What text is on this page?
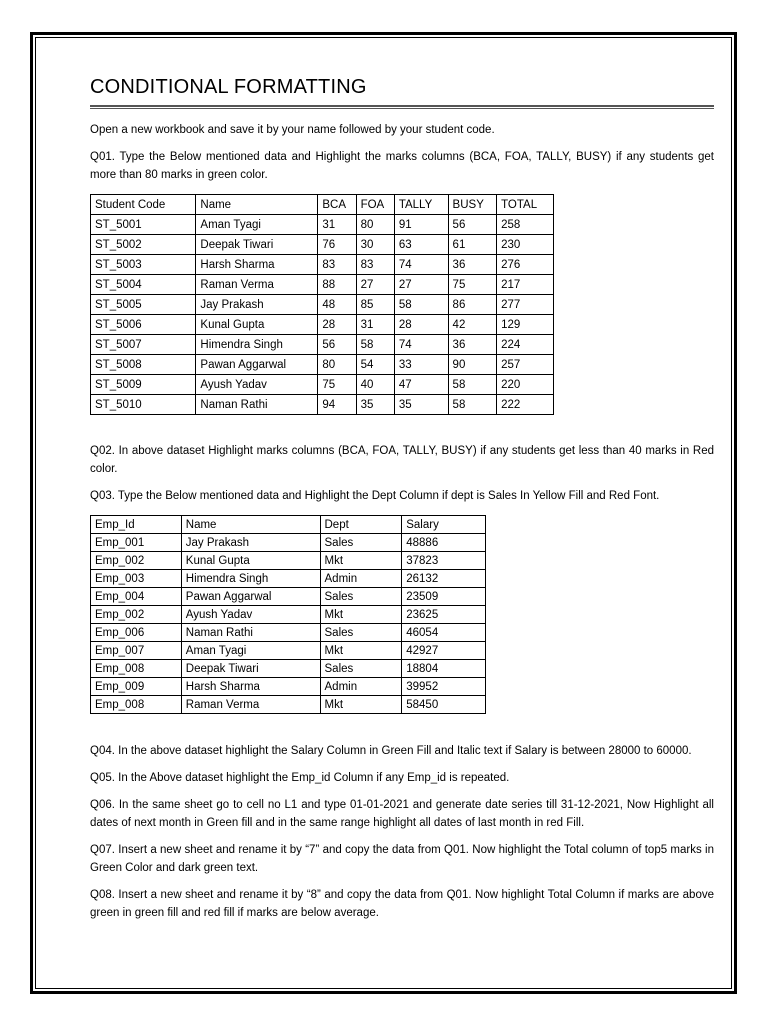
CONDITIONAL FORMATTING

Open a new workbook and save it by your name followed by your student code.

Q01. Type the Below mentioned data and Highlight the marks columns (BCA, FOA, TALLY, BUSY) if any students get more than 80 marks in green color.

Student Code	Name	BCA	FOA	TALLY	BUSY	TOTAL
ST_5001	Aman Tyagi	31	80	91	56	258
ST_5002	Deepak Tiwari	76	30	63	61	230
ST_5003	Harsh Sharma	83	83	74	36	276
ST_5004	Raman Verma	88	27	27	75	217
ST_5005	Jay Prakash	48	85	58	86	277
ST_5006	Kunal Gupta	28	31	28	42	129
ST_5007	Himendra Singh	56	58	74	36	224
ST_5008	Pawan Aggarwal	80	54	33	90	257
ST_5009	Ayush Yadav	75	40	47	58	220
ST_5010	Naman Rathi	94	35	35	58	222

Q02. In above dataset Highlight marks columns (BCA, FOA, TALLY, BUSY) if any students get less than 40 marks in Red color.

Q03. Type the Below mentioned data and Highlight the Dept Column if dept is Sales In Yellow Fill and Red Font.

Emp_Id	Name	Dept	Salary
Emp_001	Jay Prakash	Sales	48886
Emp_002	Kunal Gupta	Mkt	37823
Emp_003	Himendra Singh	Admin	26132
Emp_004	Pawan Aggarwal	Sales	23509
Emp_002	Ayush Yadav	Mkt	23625
Emp_006	Naman Rathi	Sales	46054
Emp_007	Aman Tyagi	Mkt	42927
Emp_008	Deepak Tiwari	Sales	18804
Emp_009	Harsh Sharma	Admin	39952
Emp_008	Raman Verma	Mkt	58450

Q04. In the above dataset highlight the Salary Column in Green Fill and Italic text if Salary is between 28000 to 60000.

Q05. In the Above dataset highlight the Emp_id Column if any Emp_id is repeated.

Q06. In the same sheet go to cell no L1 and type 01-01-2021 and generate date series till 31-12-2021, Now Highlight all dates of next month in Green fill and in the same range highlight all dates of last month in red Fill.

Q07. Insert a new sheet and rename it by “7” and copy the data from Q01. Now highlight the Total column of top5 marks in Green Color and dark green text.

Q08. Insert a new sheet and rename it by “8” and copy the data from Q01. Now highlight Total Column if marks are above green in green fill and red fill if marks are below average.
